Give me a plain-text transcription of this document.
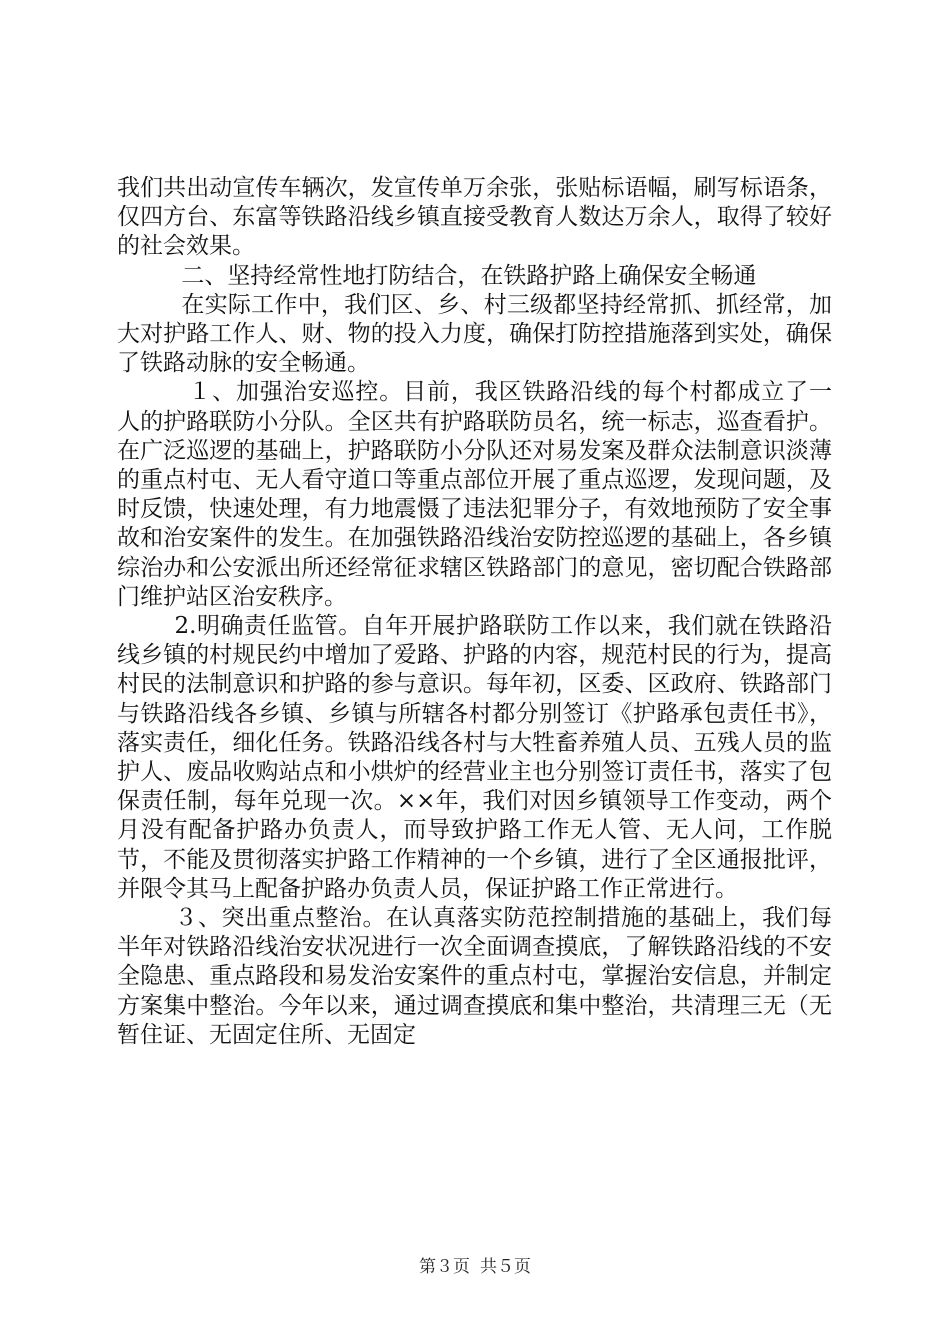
我们共出动宣传车辆次，发宣传单万余张，张贴标语幅，刷写标语条，仅四方台、东富等铁路沿线乡镇直接受教育人数达万余人，取得了较好的社会效果。

二、坚持经常性地打防结合，在铁路护路上确保安全畅通

在实际工作中，我们区、乡、村三级都坚持经常抓、抓经常，加大对护路工作人、财、物的投入力度，确保打防控措施落到实处，确保了铁路动脉的安全畅通。

１、加强治安巡控。目前，我区铁路沿线的每个村都成立了一人的护路联防小分队。全区共有护路联防员名，统一标志，巡查看护。在广泛巡逻的基础上，护路联防小分队还对易发案及群众法制意识淡薄的重点村屯、无人看守道口等重点部位开展了重点巡逻，发现问题，及时反馈，快速处理，有力地震慑了违法犯罪分子，有效地预防了安全事故和治安案件的发生。在加强铁路沿线治安防控巡逻的基础上，各乡镇综治办和公安派出所还经常征求辖区铁路部门的意见，密切配合铁路部门维护站区治安秩序。

2.明确责任监管。自年开展护路联防工作以来，我们就在铁路沿线乡镇的村规民约中增加了爱路、护路的内容，规范村民的行为，提高村民的法制意识和护路的参与意识。每年初，区委、区政府、铁路部门与铁路沿线各乡镇、乡镇与所辖各村都分别签订《护路承包责任书》，落实责任，细化任务。铁路沿线各村与大牲畜养殖人员、五残人员的监护人、废品收购站点和小烘炉的经营业主也分别签订责任书，落实了包保责任制，每年兑现一次。××年，我们对因乡镇领导工作变动，两个月没有配备护路办负责人，而导致护路工作无人管、无人问，工作脱节，不能及贯彻落实护路工作精神的一个乡镇，进行了全区通报批评，并限令其马上配备护路办负责人员，保证护路工作正常进行。

３、突出重点整治。在认真落实防范控制措施的基础上，我们每半年对铁路沿线治安状况进行一次全面调查摸底，了解铁路沿线的不安全隐患、重点路段和易发治安案件的重点村屯，掌握治安信息，并制定方案集中整治。今年以来，通过调查摸底和集中整治，共清理三无（无暂住证、无固定住所、无固定

第３页 共５页
